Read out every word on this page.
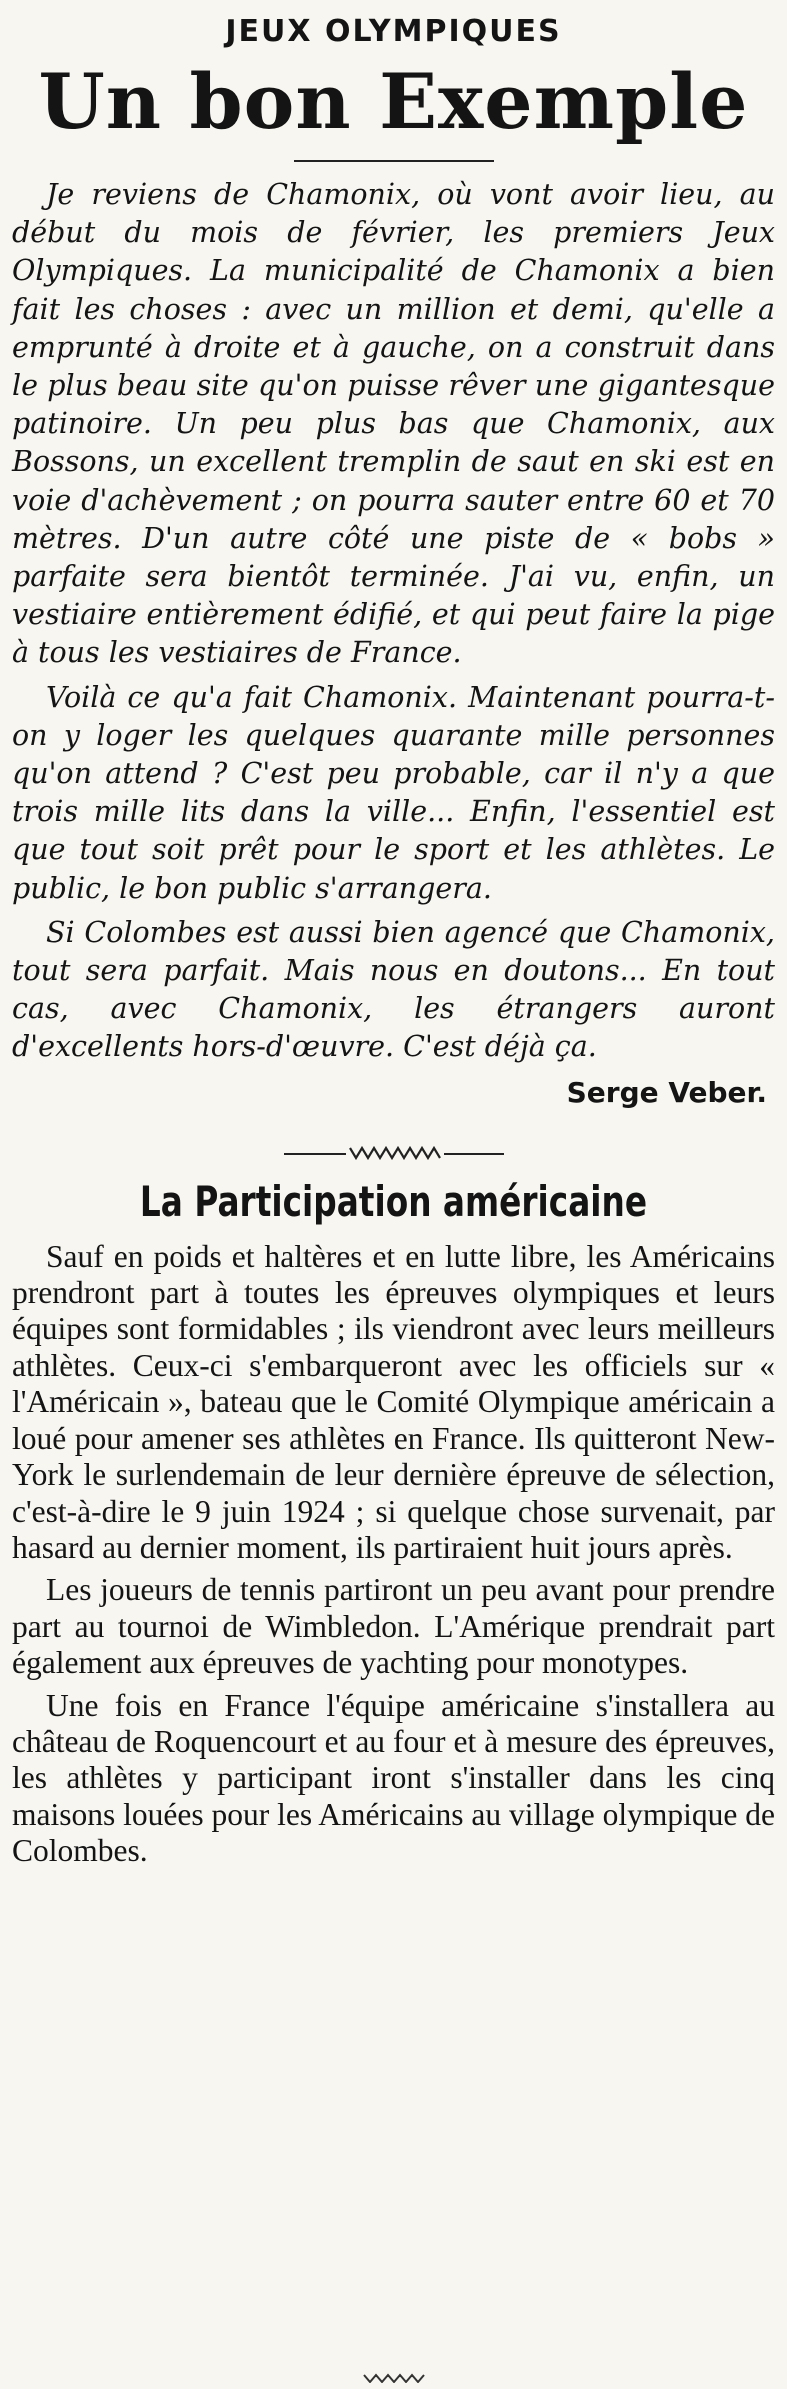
JEUX OLYMPIQUES
Un bon Exemple

Je reviens de Chamonix, où vont avoir lieu, au début du mois de février, les premiers Jeux Olympiques. La municipalité de Chamonix a bien fait les choses : avec un million et demi, qu'elle a emprunté à droite et à gauche, on a construit dans le plus beau site qu'on puisse rêver une gigantesque patinoire. Un peu plus bas que Chamonix, aux Bossons, un excellent tremplin de saut en ski est en voie d'achèvement ; on pourra sauter entre 60 et 70 mètres. D'un autre côté une piste de « bobs » parfaite sera bientôt terminée. J'ai vu, enfin, un vestiaire entièrement édifié, et qui peut faire la pige à tous les vestiaires de France.

Voilà ce qu'a fait Chamonix. Maintenant pourra-t-on y loger les quelques quarante mille personnes qu'on attend ? C'est peu probable, car il n'y a que trois mille lits dans la ville... Enfin, l'essentiel est que tout soit prêt pour le sport et les athlètes. Le public, le bon public s'arrangera.

Si Colombes est aussi bien agencé que Chamonix, tout sera parfait. Mais nous en doutons... En tout cas, avec Chamonix, les étrangers auront d'excellents hors-d'œuvre. C'est déjà ça.

Serge Veber.
La Participation américaine

Sauf en poids et haltères et en lutte libre, les Américains prendront part à toutes les épreuves olympiques et leurs équipes sont formidables ; ils viendront avec leurs meilleurs athlètes. Ceux-ci s'embarqueront avec les officiels sur « l'Américain », bateau que le Comité Olympique américain a loué pour amener ses athlètes en France. Ils quitteront New-York le surlendemain de leur dernière épreuve de sélection, c'est-à-dire le 9 juin 1924 ; si quelque chose survenait, par hasard au dernier moment, ils partiraient huit jours après.

Les joueurs de tennis partiront un peu avant pour prendre part au tournoi de Wimbledon. L'Amérique prendrait part également aux épreuves de yachting pour monotypes.

Une fois en France l'équipe américaine s'installera au château de Roquencourt et au four et à mesure des épreuves, les athlètes y participant iront s'installer dans les cinq maisons louées pour les Américains au village olympique de Colombes.
